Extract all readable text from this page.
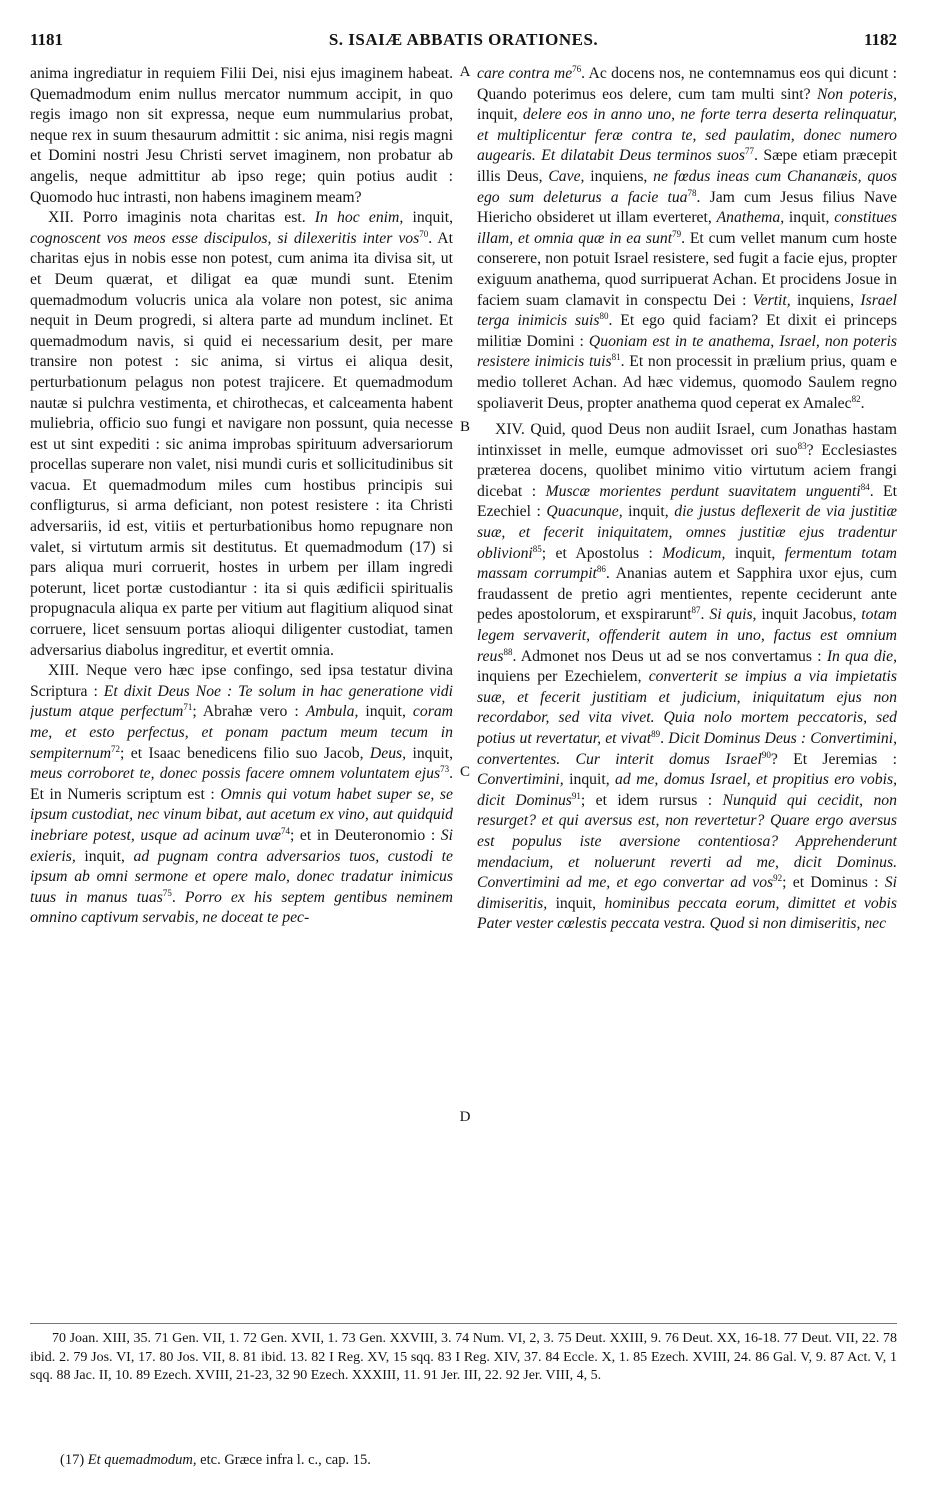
1181	S. ISAIÆ ABBATIS ORATIONES.	1182

anima ingrediatur in requiem Filii Dei, nisi ejus imaginem habeat. Quemadmodum enim nullus mercator nummum accipit, in quo regis imago non sit expressa, neque eum nummularius probat, neque rex in suum thesaurum admittit : sic anima, nisi regis magni et Domini nostri Jesu Christi servet imaginem, non probatur ab angelis, neque admittitur ab ipso rege; quin potius audit : Quomodo huc intrasti, non habens imaginem meam?

XII. Porro imaginis nota charitas est. In hoc enim, inquit, cognoscent vos meos esse discipulos, si dilexeritis inter vos$^{70}$. At charitas ejus in nobis esse non potest, cum anima ita divisa sit, ut et Deum quærat, et diligat ea quæ mundi sunt. Etenim quemadmodum volucris unica ala volare non potest, sic anima nequit in Deum progredi, si altera parte ad mundum inclinet. Et quemadmodum navis, si quid ei necessarium desit, per mare transire non potest : sic anima, si virtus ei aliqua desit, perturbationum pelagus non potest trajicere. Et quemadmodum nautæ si pulchra vestimenta, et chirothecas, et calceamenta habent muliebria, officio suo fungi et navigare non possunt, quia necesse est ut sint expediti : sic anima improbas spirituum adversariorum procellas superare non valet, nisi mundi curis et sollicitudinibus sit vacua. Et quemadmodum miles cum hostibus principis sui confligturus, si arma deficiant, non potest resistere : ita Christi adversariis, id est, vitiis et perturbationibus homo repugnare non valet, si virtutum armis sit destitutus. Et quemadmodum (17) si pars aliqua muri corruerit, hostes in urbem per illam ingredi poterunt, licet portæ custodiantur : ita si quis ædificii spiritualis propugnacula aliqua ex parte per vitium aut flagitium aliquod sinat corruere, licet sensuum portas alioqui diligenter custodiat, tamen adversarius diabolus ingreditur, et evertit omnia.

XIII. Neque vero hæc ipse confingo, sed ipsa testatur divina Scriptura : Et dixit Deus Noe : Te solum in hac generatione vidi justum atque perfectum$^{71}$; Abrahæ vero : Ambula, inquit, coram me, et esto perfectus, et ponam pactum meum tecum in sempiternum$^{72}$; et Isaac benedicens filio suo Jacob, Deus, inquit, meus corroboret te, donec possis facere omnem voluntatem ejus$^{73}$. Et in Numeris scriptum est : Omnis qui votum habet super se, se ipsum custodiat, nec vinum bibat, aut acetum ex vino, aut quidquid inebriare potest, usque ad acinum uvæ$^{74}$; et in Deuteronomio : Si exieris, inquit, ad pugnam contra adversarios tuos, custodi te ipsum ab omni sermone et opere malo, donec tradatur inimicus tuus in manus tuas$^{75}$. Porro ex his septem gentibus neminem omnino captivum servabis, ne doceat te pec-

A
B
C
D

care contra $me^{76}$. Ac docens nos, ne contemnamus eos qui dicunt : Quando poterimus eos delere, cum tam multi sint? Non poteris, inquit, delere eos in anno uno, ne forte terra deserta relinquatur, et multiplicentur feræ contra te, sed paulatim, donec numero augearis. Et dilatabit Deus terminos suos$^{77}$. Sæpe etiam præcepit illis Deus, Cave, inquiens, ne fœdus ineas cum Chananæis, quos ego sum deleturus a facie tua$^{78}$. Jam cum Jesus filius Nave Hiericho obsideret ut illam everteret, Anathema, inquit, constitues illam, et omnia quæ in ea sunt$^{79}$. Et cum vellet manum cum hoste conserere, non potuit Israel resistere, sed fugit a facie ejus, propter exiguum anathema, quod surripuerat Achan. Et procidens Josue in faciem suam clamavit in conspectu Dei : Vertit, inquiens, Israel terga inimicis suis$^{80}$. Et ego quid faciam? Et dixit ei princeps militiæ Domini : Quoniam est in te anathema, Israel, non poteris resistere inimicis tuis$^{81}$. Et non processit in prælium prius, quam e medio tolleret Achan. Ad hæc videmus, quomodo Saulem regno spoliaverit Deus, propter anathema quod ceperat ex Amalec$^{82}$.

XIV. Quid, quod Deus non audiit Israel, cum Jonathas hastam intinxisset in melle, eumque admovisset ori suo$^{83}$? Ecclesiastes præterea docens, quolibet minimo vitio virtutum aciem frangi dicebat : Muscæ morientes perdunt suavitatem unguenti$^{84}$. Et Ezechiel : Quacunque, inquit, die justus deflexerit de via justitiæ suæ, et fecerit iniquitatem, omnes justitiæ ejus tradentur oblivioni$^{85}$; et Apostolus : Modicum, inquit, fermentum totam massam corrumpit$^{86}$. Ananias autem et Sapphira uxor ejus, cum fraudassent de pretio agri mentientes, repente ceciderunt ante pedes apostolorum, et exspirarunt$^{87}$. Si quis, inquit Jacobus, totam legem servaverit, offenderit autem in uno, factus est omnium reus$^{88}$. Admonet nos Deus ut ad se nos convertamus : In qua die, inquiens per Ezechielem, converterit se impius a via impietatis suæ, et fecerit justitiam et judicium, iniquitatum ejus non recordabor, sed vita vivet. Quia nolo mortem peccatoris, sed potius ut revertatur, et vivat$^{89}$. Dicit Dominus Deus : Convertimini, convertentes. Cur interit domus Israel$^{90}$? Et Jeremias : Convertimini, inquit, ad me, domus Israel, et propitius ero vobis, dicit Dominus$^{91}$; et idem rursus : Nunquid qui cecidit, non resurget? et qui aversus est, non revertetur? Quare ergo aversus est populus iste aversione contentiosa? Apprehenderunt mendacium, et noluerunt reverti ad me, dicit Dominus. Convertimini ad me, et ego convertar ad vos$^{92}$; et Dominus : Si dimiseritis, inquit, hominibus peccata eorum, dimittet et vobis Pater vester cœlestis peccata vestra. Quod si non dimiseritis, nec

70 Joan. XIII, 35. 71 Gen. VII, 1. 72 Gen. XVII, 1. 73 Gen. XXVIII, 3. 74 Num. VI, 2, 3. 75 Deut. XXIII, 9. 76 Deut. XX, 16-18. 77 Deut. VII, 22. 78 ibid. 2. 79 Jos. VI, 17. 80 Jos. VII, 8. 81 ibid. 13. 82 I Reg. XV, 15 sqq. 83 I Reg. XIV, 37. 84 Eccle. X, 1. 85 Ezech. XVIII, 24. 86 Gal. V, 9. 87 Act. V, 1 sqq. 88 Jac. II, 10. 89 Ezech. XVIII, 21-23, 32 90 Ezech. XXXIII, 11. 91 Jer. III, 22. 92 Jer. VIII, 4, 5.

(17) Et quemadmodum, etc. Græce infra l. c., cap. 15.
